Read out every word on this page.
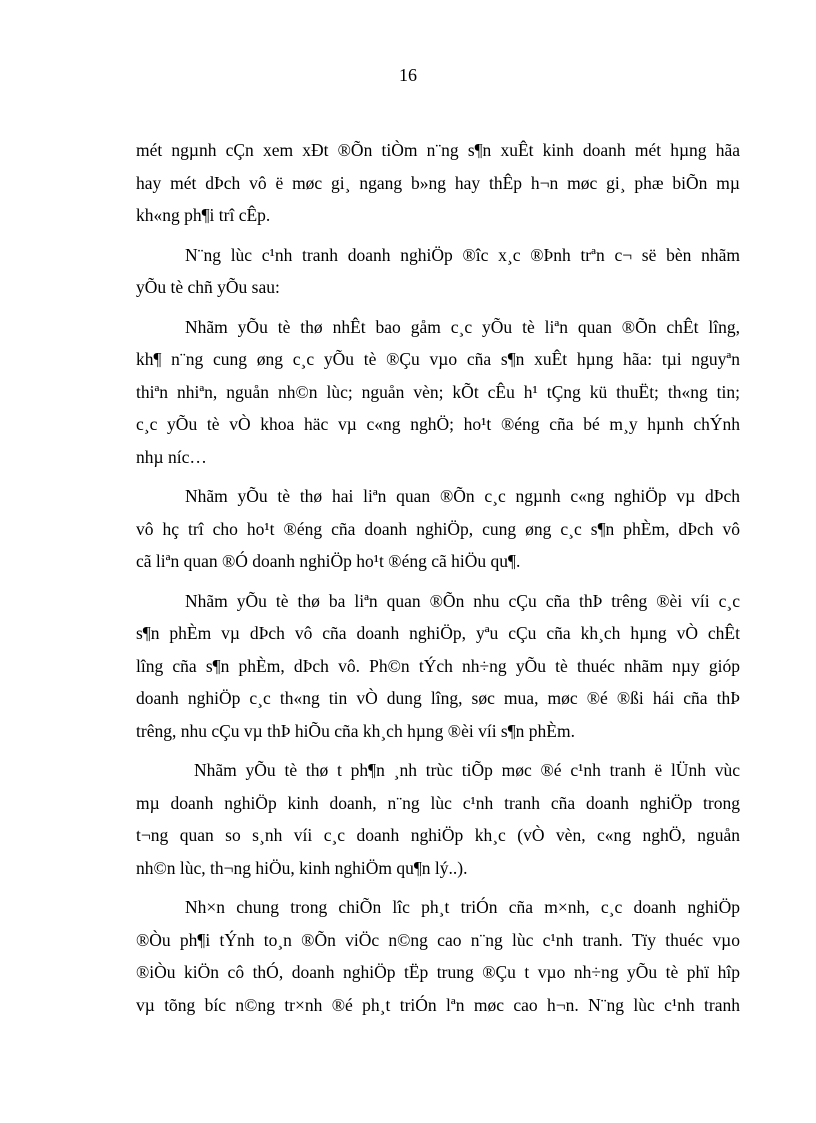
16

mét ngµnh cÇn xem xÐt ®Õn tiÒm n¨ng s¶n xuÊt kinh doanh mét hµng hãa
hay mét dÞch vô ë møc gi¸ ngang b»ng hay thÊp h¬n møc gi¸ phæ biÕn mµ
kh«ng ph¶i trî cÊp.

N¨ng lùc c¹nh tranh doanh nghiÖp ®îc x¸c ®Þnh trªn c¬ së bèn nhãm
yÕu tè chñ yÕu sau:

Nhãm yÕu tè thø nhÊt bao gåm c¸c yÕu tè liªn quan ®Õn chÊt lîng,
kh¶ n¨ng cung øng c¸c yÕu tè ®Çu vµo cña s¶n xuÊt hµng hãa: tµi nguyªn
thiªn nhiªn, nguån nh©n lùc; nguån vèn; kÕt cÊu h¹ tÇng kü thuËt; th«ng tin;
c¸c yÕu tè vÒ khoa häc vµ c«ng nghÖ; ho¹t ®éng cña bé m¸y hµnh chÝnh
nhµ níc…

Nhãm yÕu tè thø hai liªn quan ®Õn c¸c ngµnh c«ng nghiÖp vµ dÞch
vô hç trî cho ho¹t ®éng cña doanh nghiÖp, cung øng c¸c s¶n phÈm, dÞch vô
cã liªn quan ®Ó doanh nghiÖp ho¹t ®éng cã hiÖu qu¶.

Nhãm yÕu tè thø ba liªn quan ®Õn nhu cÇu cña thÞ trêng ®èi víi c¸c
s¶n phÈm vµ dÞch vô cña doanh nghiÖp, yªu cÇu cña kh¸ch hµng vÒ chÊt
lîng cña s¶n phÈm, dÞch vô. Ph©n tÝch nh÷ng yÕu tè thuéc nhãm nµy gióp
doanh nghiÖp c¸c th«ng tin vÒ dung lîng, søc mua, møc ®é ®ßi hái cña thÞ
trêng, nhu cÇu vµ thÞ hiÕu cña kh¸ch hµng ®èi víi s¶n phÈm.

Nhãm yÕu tè thø t ph¶n ¸nh trùc tiÕp møc ®é c¹nh tranh ë lÜnh vùc
mµ doanh nghiÖp kinh doanh, n¨ng lùc c¹nh tranh cña doanh nghiÖp trong
t¬ng quan so s¸nh víi c¸c doanh nghiÖp kh¸c (vÒ vèn, c«ng nghÖ, nguån
nh©n lùc, th¬ng hiÖu, kinh nghiÖm qu¶n lý..).

Nh×n chung trong chiÕn lîc ph¸t triÓn cña m×nh, c¸c doanh nghiÖp
®Òu ph¶i tÝnh to¸n ®Õn viÖc n©ng cao n¨ng lùc c¹nh tranh. Tïy thuéc vµo
®iÒu kiÖn cô thÓ, doanh nghiÖp tËp trung ®Çu t vµo nh÷ng yÕu tè phï hîp
vµ tõng bíc n©ng tr×nh ®é ph¸t triÓn lªn møc cao h¬n. N¨ng lùc c¹nh tranh
